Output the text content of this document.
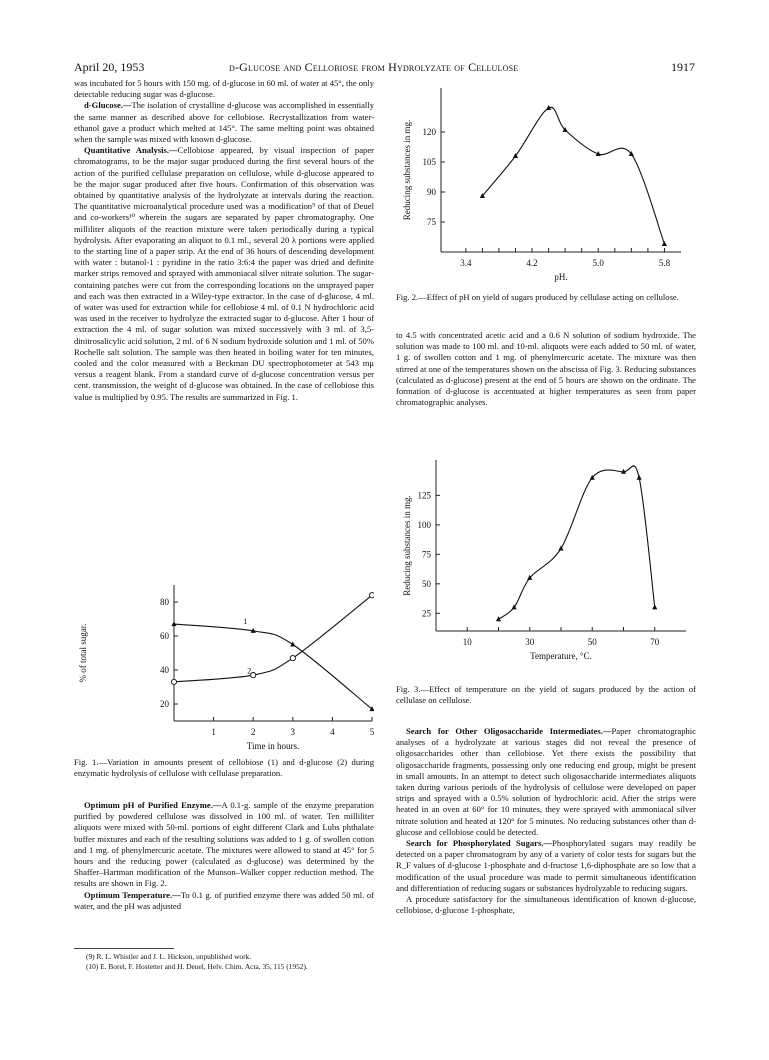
April 20, 1953	d-Glucose and Cellobiose from Hydrolyzate of Cellulose	1917

was incubated for 5 hours with 150 mg. of d-glucose in 60 ml. of water at 45°, the only detectable reducing sugar was d-glucose.

d-Glucose.—The isolation of crystalline d-glucose was accomplished in essentially the same manner as described above for cellobiose. Recrystallization from water-ethanol gave a product which melted at 145°. The same melting point was obtained when the sample was mixed with known d-glucose.

Quantitative Analysis.—Cellobiose appeared, by visual inspection of paper chromatograms, to be the major sugar produced during the first several hours of the action of the purified cellulase preparation on cellulose, while d-glucose appeared to be the major sugar produced after five hours. Confirmation of this observation was obtained by quantitative analysis of the hydrolyzate at intervals during the reaction. The quantitative microanalytical procedure used was a modification⁹ of that of Deuel and co-workers¹⁰ wherein the sugars are separated by paper chromatography. One milliliter aliquots of the reaction mixture were taken periodically during a typical hydrolysis. After evaporating an aliquot to 0.1 ml., several 20 λ portions were applied to the starting line of a paper strip. At the end of 36 hours of descending development with water : butanol-1 : pyridine in the ratio 3:6:4 the paper was dried and definite marker strips removed and sprayed with ammoniacal silver nitrate solution. The sugar-containing patches were cut from the corresponding locations on the unsprayed paper and each was then extracted in a Wiley-type extractor. In the case of d-glucose, 4 ml. of water was used for extraction while for cellobiose 4 ml. of 0.1 N hydrochloric acid was used in the receiver to hydrolyze the extracted sugar to d-glucose. After 1 hour of extraction the 4 ml. of sugar solution was mixed successively with 3 ml. of 3,5-dinitrosalicylic acid solution, 2 ml. of 6 N sodium hydroxide solution and 1 ml. of 50% Rochelle salt solution. The sample was then heated in boiling water for ten minutes, cooled and the color measured with a Beckman DU spectrophotometer at 543 mμ versus a reagent blank. From a standard curve of d-glucose concentration versus per cent. transmission, the weight of d-glucose was obtained. In the case of cellobiose this value is multiplied by 0.95. The results are summarized in Fig. 1.

20
40
60
80
1	2	3	4	5
Time in hours.
% of total sugar.
1
2
Fig. 1.—Variation in amounts present of cellobiose (1) and d-glucose (2) during enzymatic hydrolysis of cellulose with cellulase preparation.

Optimum pH of Purified Enzyme.—A 0.1-g. sample of the enzyme preparation purified by powdered cellulose was dissolved in 100 ml. of water. Ten milliliter aliquots were mixed with 50-ml. portions of eight different Clark and Lubs phthalate buffer mixtures and each of the resulting solutions was added to 1 g. of swollen cotton and 1 mg. of phenylmercuric acetate. The mixtures were allowed to stand at 45° for 5 hours and the reducing power (calculated as d-glucose) was determined by the Shaffer–Hartman modification of the Munson–Walker copper reduction method. The results are shown in Fig. 2.

Optimum Temperature.—To 0.1 g. of purified enzyme there was added 50 ml. of water, and the pH was adjusted

(9) R. L. Whistler and J. L. Hickson, unpublished work.
(10) E. Borel, F. Hostetter and H. Deuel, Helv. Chim. Acta, 35, 115 (1952).
75
90
105
120
3.4	4.2	5.0	5.8
pH.
Reducing substances in mg.
Fig. 2.—Effect of pH on yield of sugars produced by cellulase acting on cellulose.

to 4.5 with concentrated acetic acid and a 0.6 N solution of sodium hydroxide. The solution was made to 100 ml. and 10-ml. aliquots were each added to 50 ml. of water, 1 g. of swollen cotton and 1 mg. of phenylmercuric acetate. The mixture was then stirred at one of the temperatures shown on the abscissa of Fig. 3. Reducing substances (calculated as d-glucose) present at the end of 5 hours are shown on the ordinate. The formation of d-glucose is accentuated at higher temperatures as seen from paper chromatographic analyses.

25
50
75
100
125
10	30	50	70
Temperature, °C.
Reducing substances in mg.
Fig. 3.—Effect of temperature on the yield of sugars produced by the action of cellulase on cellulose.

Search for Other Oligosaccharide Intermediates.—Paper chromatographic analyses of a hydrolyzate at various stages did not reveal the presence of oligosaccharides other than cellobiose. Yet there exists the possibility that oligosaccharide fragments, possessing only one reducing end group, might be present in small amounts. In an attempt to detect such oligosaccharide intermediates aliquots taken during various periods of the hydrolysis of cellulose were developed on paper strips and sprayed with a 0.5% solution of hydrochloric acid. After the strips were heated in an oven at 60° for 10 minutes, they were sprayed with ammoniacal silver nitrate solution and heated at 120° for 5 minutes. No reducing substances other than d-glucose and cellobiose could be detected.

Search for Phosphorylated Sugars.—Phosphorylated sugars may readily be detected on a paper chromatogram by any of a variety of color tests for sugars but the R_F values of d-glucose 1-phosphate and d-fructose 1,6-diphosphate are so low that a modification of the usual procedure was made to permit simultaneous identification and differentiation of reducing sugars or substances hydrolyzable to reducing sugars.

A procedure satisfactory for the simultaneous identification of known d-glucose, cellobiose, d-glucose 1-phosphate,
